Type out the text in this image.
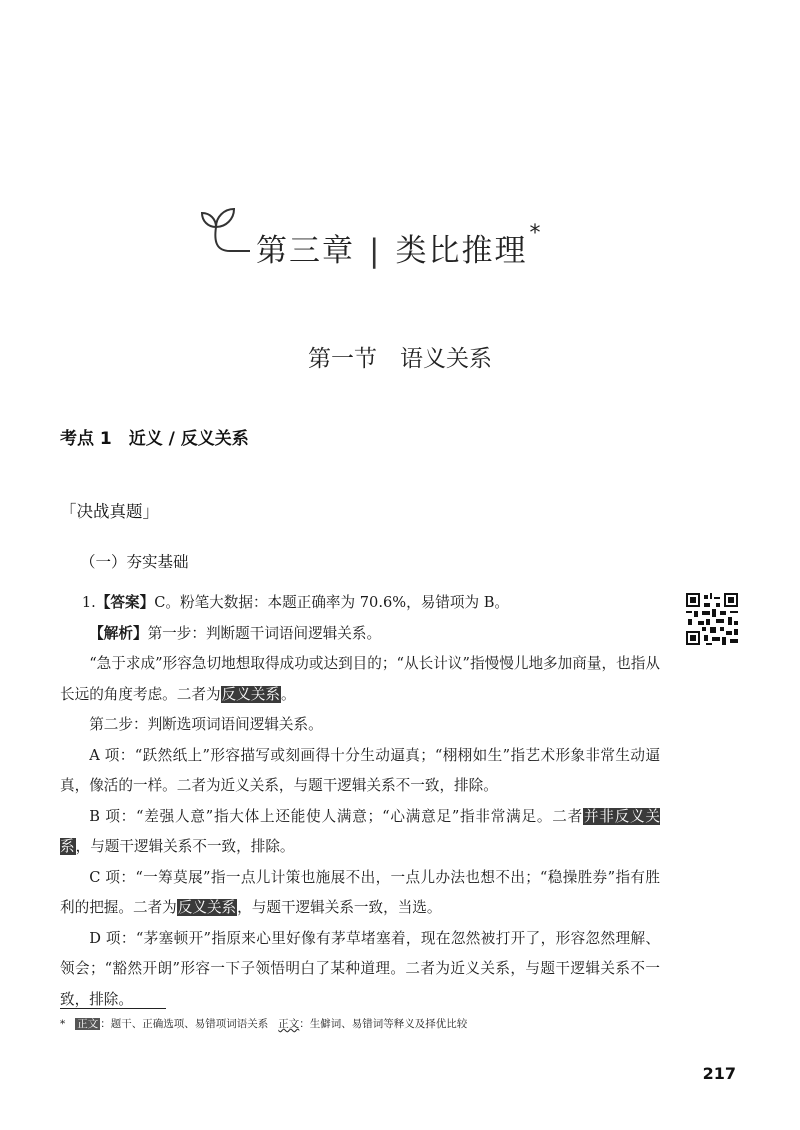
第三章 | 类比推理*
第一节　语义关系
考点 1　近义 / 反义关系
「决战真题」
（一）夯实基础

1.【答案】C。粉笔大数据：本题正确率为 70.6%，易错项为 B。

【解析】第一步：判断题干词语间逻辑关系。

“急于求成”形容急切地想取得成功或达到目的；“从长计议”指慢慢儿地多加商量，也指从长远的角度考虑。二者为反义关系。

第二步：判断选项词语间逻辑关系。

A 项：“跃然纸上”形容描写或刻画得十分生动逼真；“栩栩如生”指艺术形象非常生动逼真，像活的一样。二者为近义关系，与题干逻辑关系不一致，排除。

B 项：“差强人意”指大体上还能使人满意；“心满意足”指非常满足。二者并非反义关系，与题干逻辑关系不一致，排除。

C 项：“一筹莫展”指一点儿计策也施展不出，一点儿办法也想不出；“稳操胜券”指有胜利的把握。二者为反义关系，与题干逻辑关系一致，当选。

D 项：“茅塞顿开”指原来心里好像有茅草堵塞着，现在忽然被打开了，形容忽然理解、领会；“豁然开朗”形容一下子领悟明白了某种道理。二者为近义关系，与题干逻辑关系不一致，排除。

* 正文 ：题干、正确选项、易错项词语关系 正文：生僻词、易错词等释义及择优比较
217
